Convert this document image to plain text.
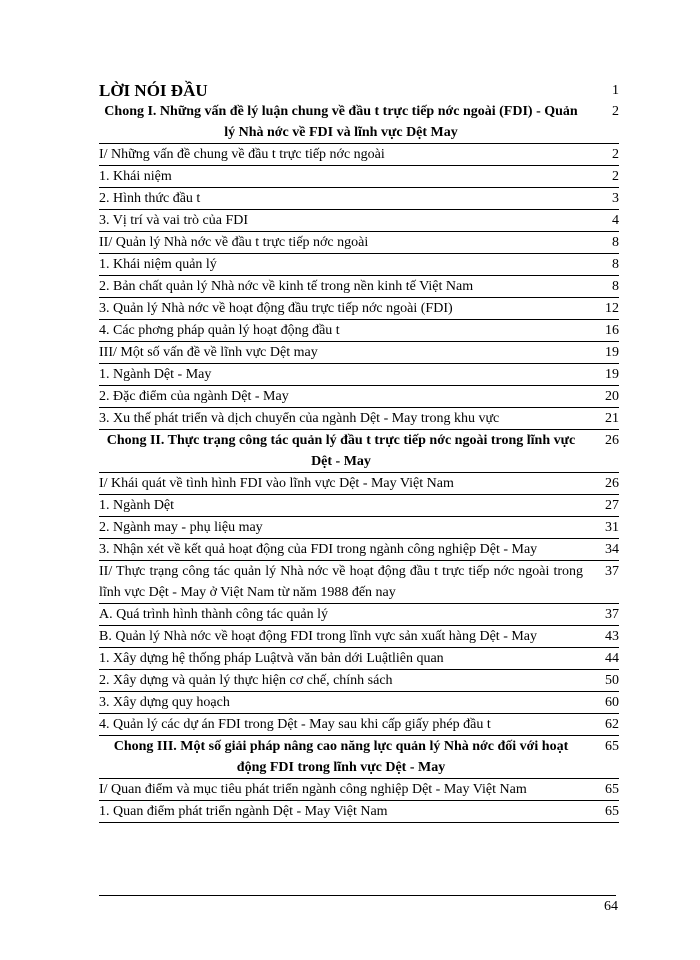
LỜI NÓI ĐẦU	1
Chong I. Những vấn đề lý luận chung về đầu t trực tiếp nớc ngoài (FDI) - Quản lý Nhà nớc về FDI và lĩnh vực Dệt May	2
I/ Những vấn đề chung về đầu t trực tiếp nớc ngoài	2
1. Khái niệm	2
2. Hình thức đầu t	3
3. Vị trí và vai trò của FDI	4
II/ Quản lý Nhà nớc về đầu t trực tiếp nớc ngoài	8
1. Khái niệm quản lý	8
2. Bản chất quản lý Nhà nớc về kinh tế trong nền kinh tế Việt Nam	8
3. Quản lý Nhà nớc về hoạt động đầu trực tiếp nớc ngoài (FDI)	12
4. Các phơng pháp quản lý hoạt động đầu t	16
III/ Một số vấn đề về lĩnh vực Dệt may	19
1. Ngành Dệt - May	19
2. Đặc điểm của ngành Dệt - May	20
3. Xu thế phát triển và dịch chuyển của ngành Dệt - May trong khu vực	21
Chong II. Thực trạng công tác quản lý đầu t trực tiếp nớc ngoài trong lĩnh vực Dệt - May	26
I/ Khái quát về tình hình FDI vào lĩnh vực Dệt - May Việt Nam	26
1. Ngành Dệt	27
2. Ngành may - phụ liệu may	31
3. Nhận xét về kết quả hoạt động của FDI trong ngành công nghiệp Dệt - May	34
II/ Thực trạng công tác quản lý Nhà nớc về hoạt động đầu t trực tiếp nớc ngoài trong lĩnh vực Dệt - May ở Việt Nam từ năm 1988 đến nay	37
A. Quá trình hình thành công tác quản lý	37
B. Quản lý Nhà nớc về hoạt động FDI trong lĩnh vực sản xuất hàng Dệt - May	43
1. Xây dựng hệ thống pháp Luậtvà văn bản dới Luậtliên quan	44
2. Xây dựng và quản lý thực hiện cơ chế, chính sách	50
3. Xây dựng quy hoạch	60
4. Quản lý các dự án FDI trong Dệt - May sau khi cấp giấy phép đầu t	62
Chong III. Một số giải pháp nâng cao năng lực quản lý Nhà nớc đối với hoạt động FDI trong lĩnh vực Dệt - May	65
I/ Quan điểm và mục tiêu phát triển ngành công nghiệp Dệt - May Việt Nam	65
1. Quan điểm phát triển ngành Dệt - May Việt Nam	65
64
